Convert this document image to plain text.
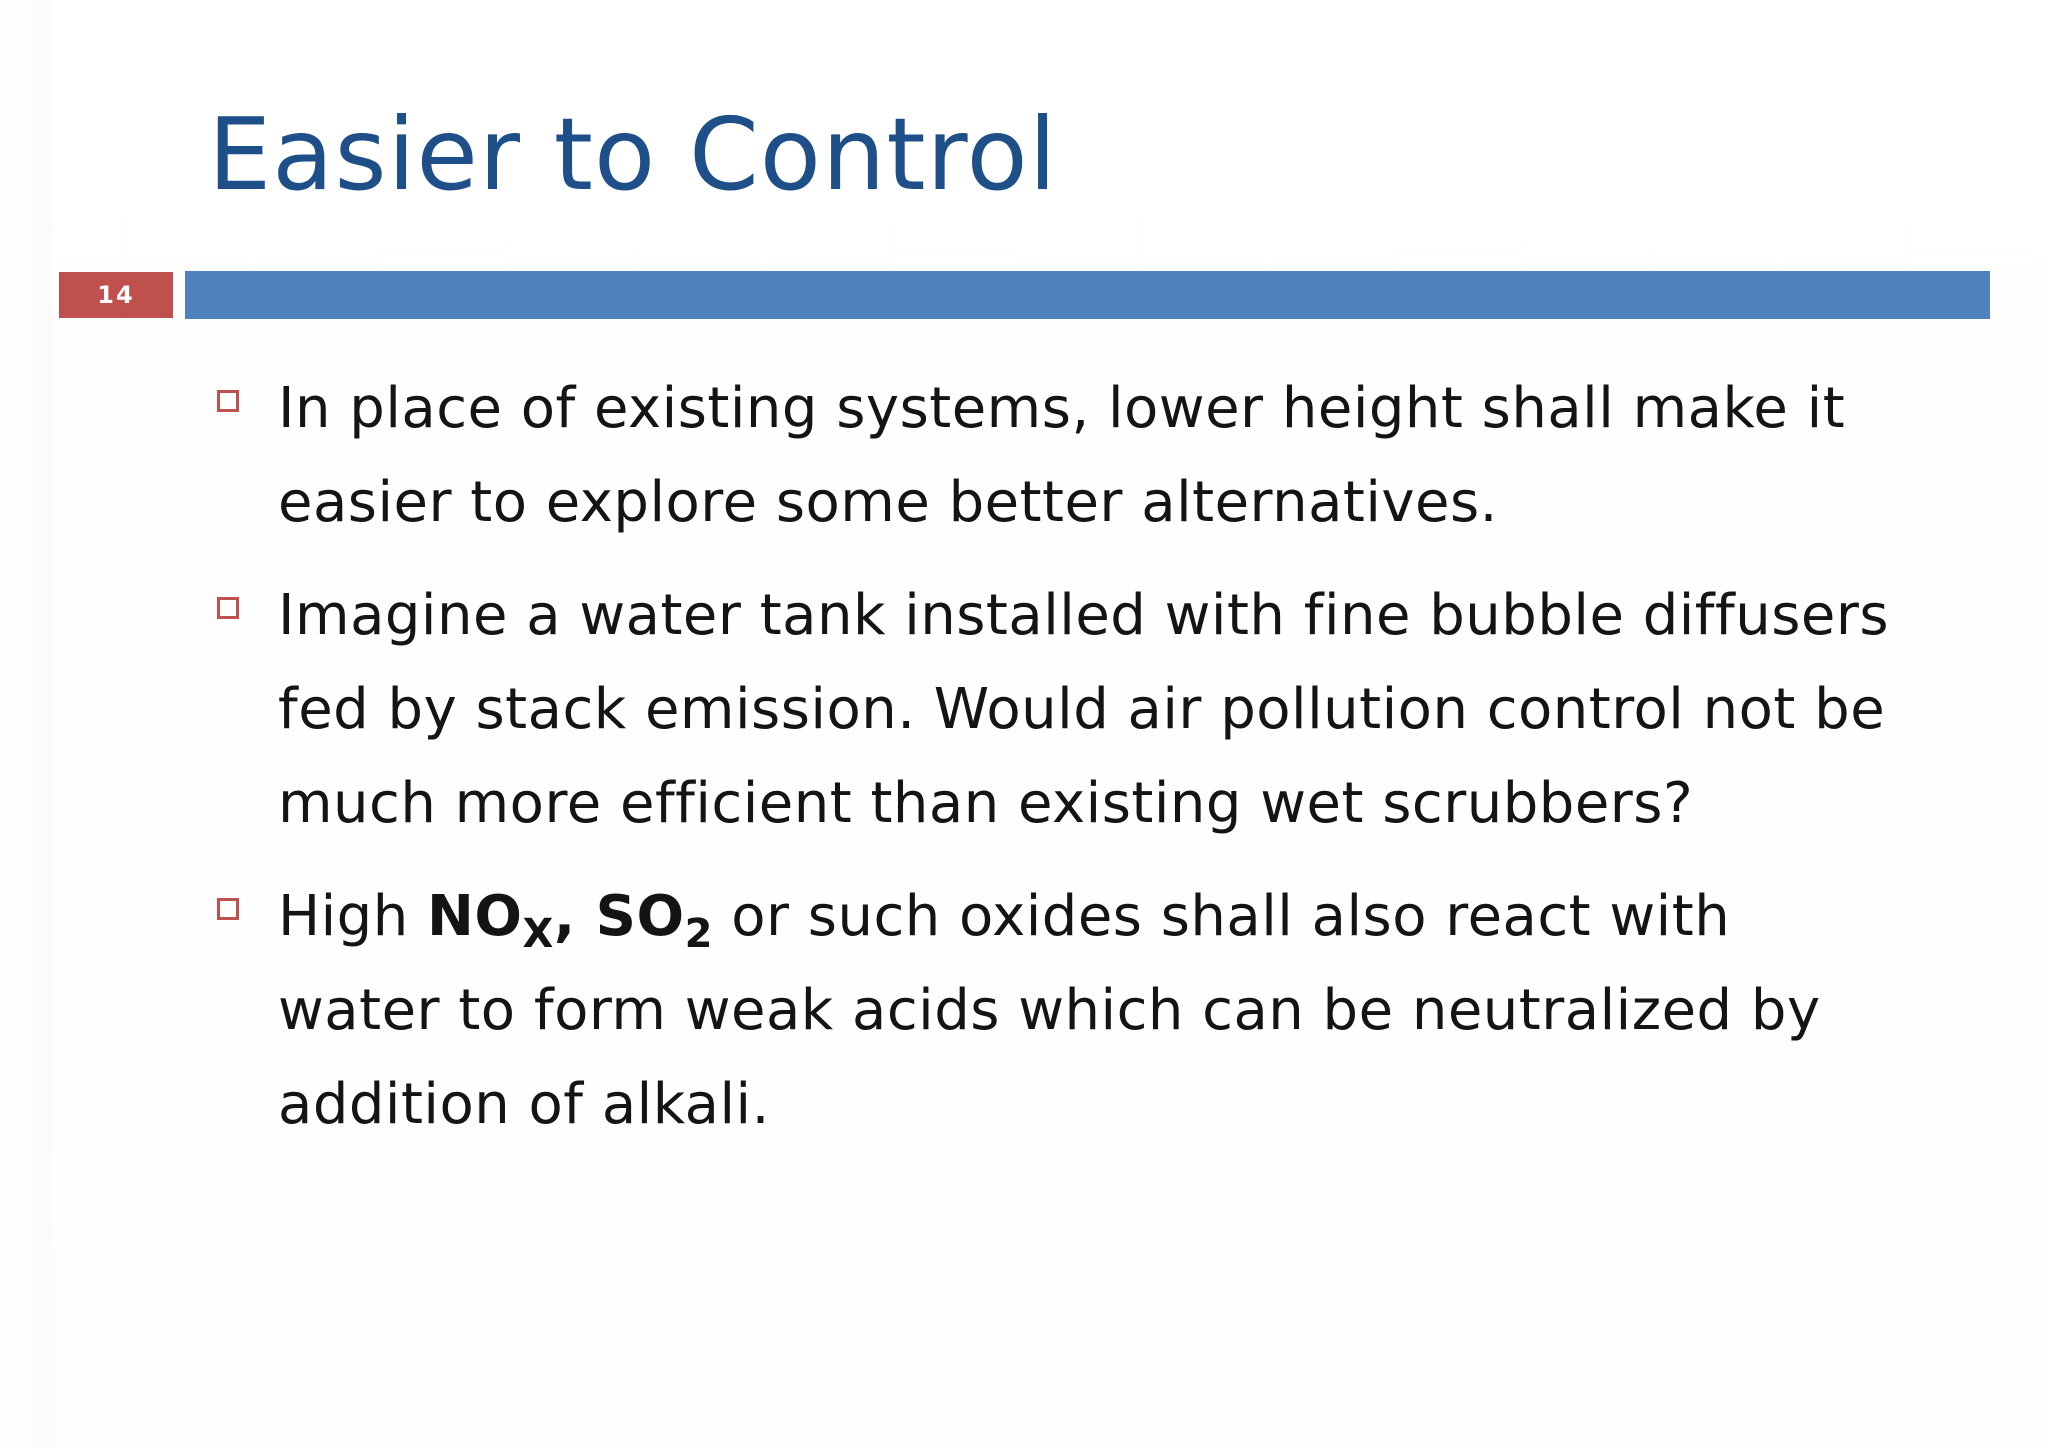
Easier to Control
14
In place of existing systems, lower height shall make it easier to explore some better alternatives.
Imagine a water tank installed with fine bubble diffusers fed by stack emission. Would air pollution control not be much more efficient than existing wet scrubbers?
High $NO_X$, $SO_2$ or such oxides shall also react with water to form weak acids which can be neutralized by addition of alkali.
